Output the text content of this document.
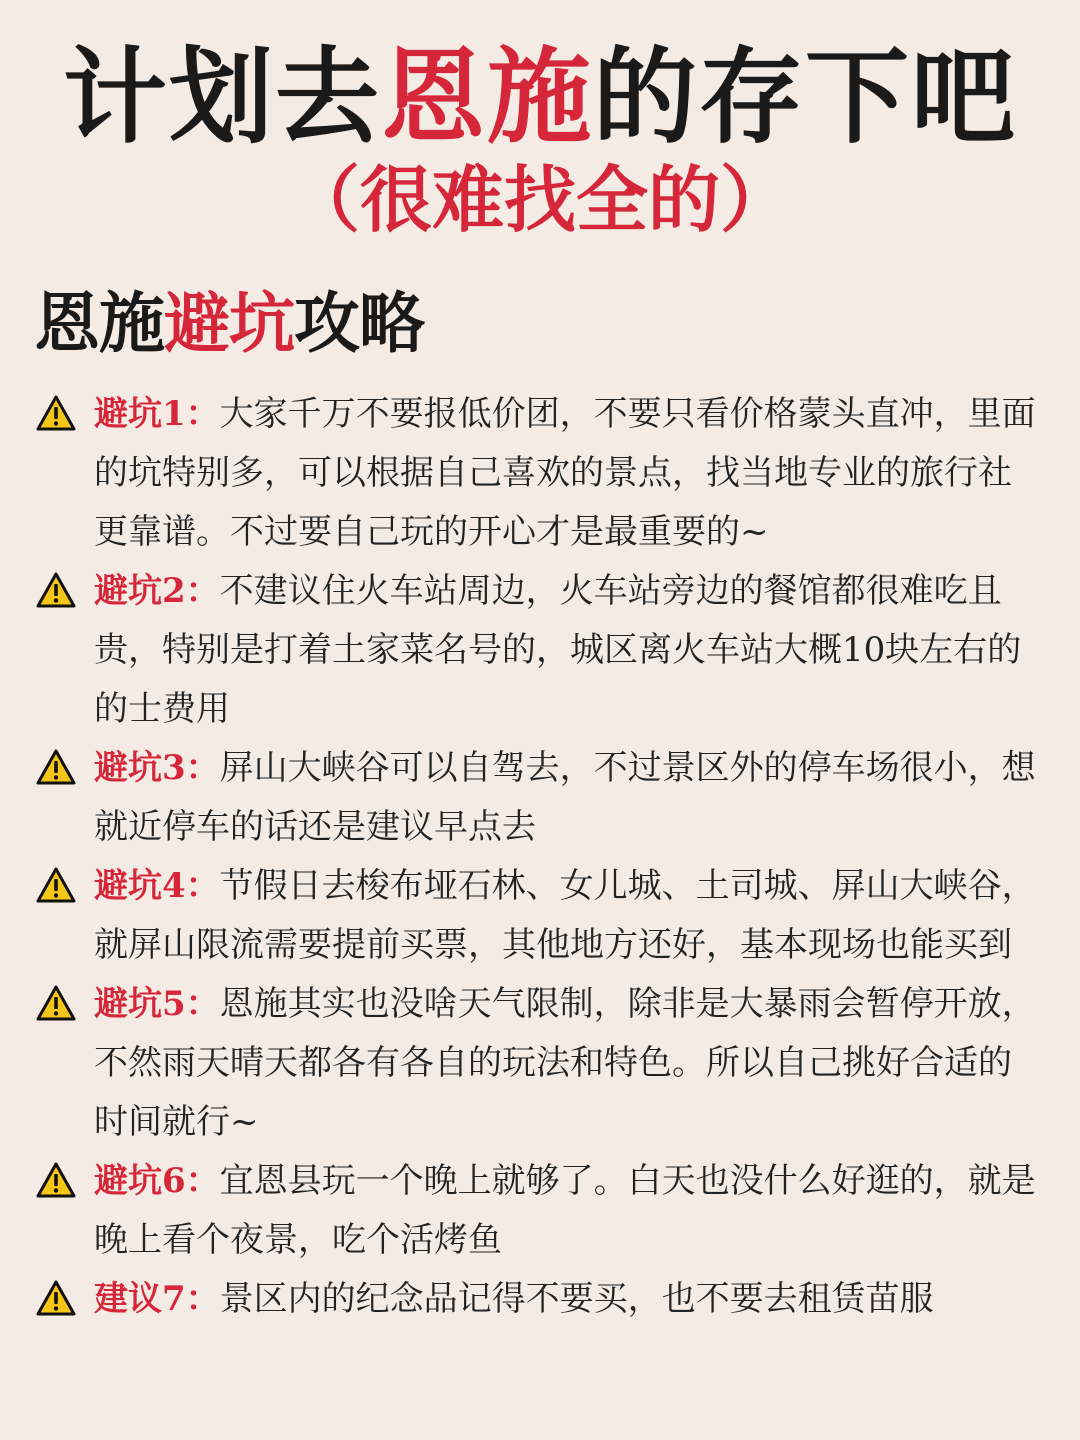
计划去恩施的存下吧
（很难找全的）
恩施避坑攻略
避坑1：大家千万不要报低价团，不要只看价格蒙头直冲，里面的坑特别多，可以根据自己喜欢的景点，找当地专业的旅行社更靠谱。不过要自己玩的开心才是最重要的~
避坑2：不建议住火车站周边，火车站旁边的餐馆都很难吃且贵，特别是打着土家菜名号的，城区离火车站大概10块左右的的士费用
避坑3：屏山大峡谷可以自驾去，不过景区外的停车场很小，想就近停车的话还是建议早点去
避坑4：节假日去梭布垭石林、女儿城、土司城、屏山大峡谷，就屏山限流需要提前买票，其他地方还好，基本现场也能买到
避坑5：恩施其实也没啥天气限制，除非是大暴雨会暂停开放，不然雨天晴天都各有各自的玩法和特色。所以自己挑好合适的时间就行~
避坑6：宜恩县玩一个晚上就够了。白天也没什么好逛的，就是晚上看个夜景，吃个活烤鱼
建议7：景区内的纪念品记得不要买，也不要去租赁苗服
